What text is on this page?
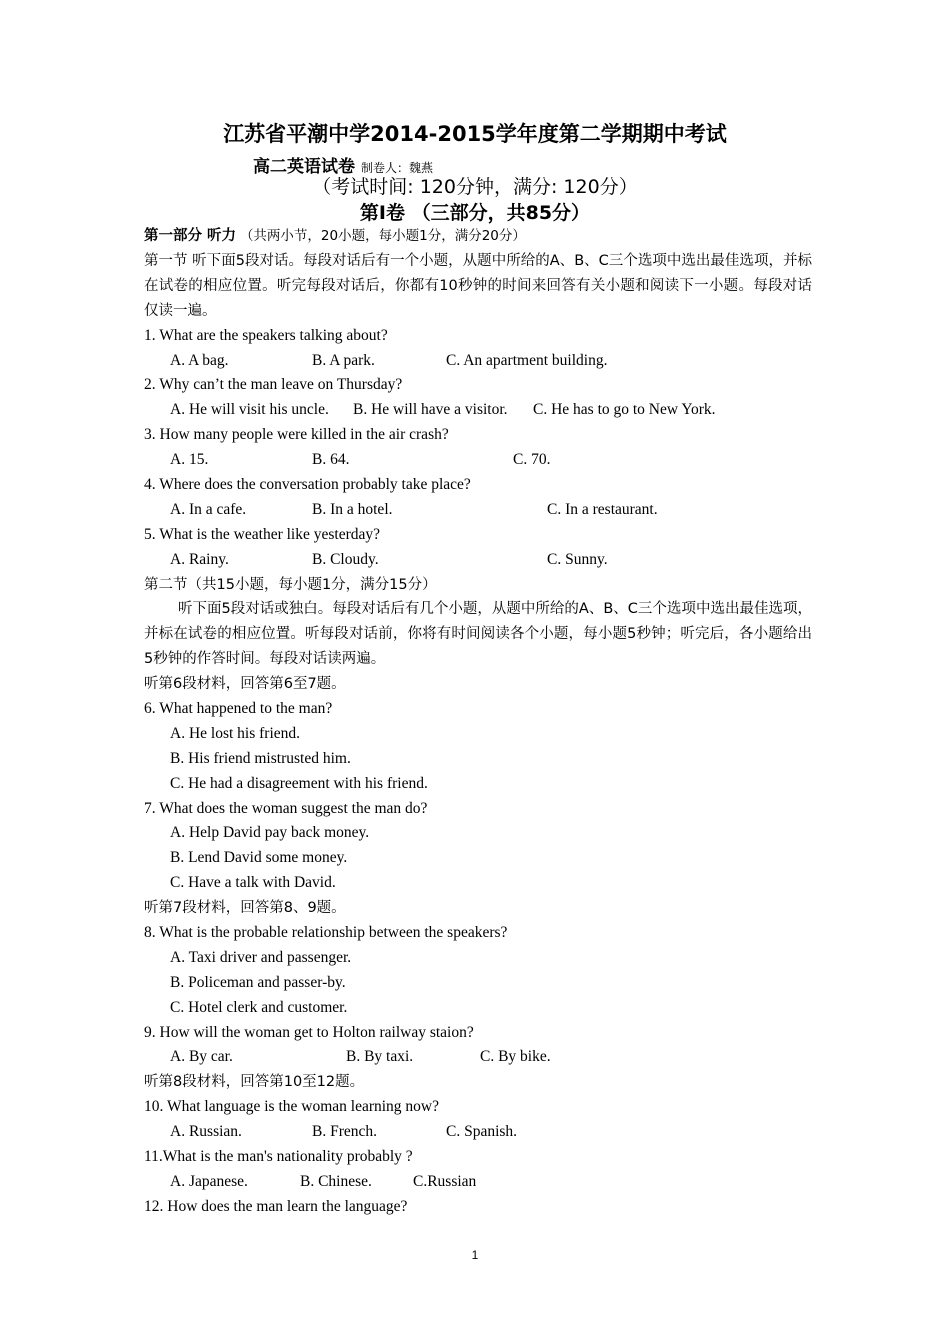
江苏省平潮中学2014-2015学年度第二学期期中考试
高二英语试卷 制卷人：魏燕
（考试时间: 120分钟，满分: 120分）
第I卷 （三部分，共85分）
第一部分 听力 （共两小节，20小题，每小题1分，满分20分）
第一节 听下面5段对话。每段对话后有一个小题，从题中所给的A、B、C三个选项中选出最佳选项，并标在试卷的相应位置。听完每段对话后，你都有10秒钟的时间来回答有关小题和阅读下一小题。每段对话仅读一遍。
1. What are the speakers talking about?
A. A bag.	B. A park.	C. An apartment building.
2. Why can’t the man leave on Thursday?
A. He will visit his uncle. B. He will have a visitor. C. He has to go to New York.
3. How many people were killed in the air crash?
A. 15.	B. 64.	C. 70.
4. Where does the conversation probably take place?
A. In a cafe.	B. In a hotel.	C. In a restaurant.
5. What is the weather like yesterday?
A. Rainy.	B. Cloudy.	C. Sunny.
第二节（共15小题，每小题1分，满分15分）
听下面5段对话或独白。每段对话后有几个小题，从题中所给的A、B、C三个选项中选出最佳选项，并标在试卷的相应位置。听每段对话前，你将有时间阅读各个小题，每小题5秒钟；听完后，各小题给出5秒钟的作答时间。每段对话读两遍。
听第6段材料，回答第6至7题。
6. What happened to the man?
A. He lost his friend.
B. His friend mistrusted him.
C. He had a disagreement with his friend.
7. What does the woman suggest the man do?
A. Help David pay back money.
B. Lend David some money.
C. Have a talk with David.
听第7段材料，回答第8、9题。
8. What is the probable relationship between the speakers?
A. Taxi driver and passenger.
B. Policeman and passer-by.
C. Hotel clerk and customer.
9. How will the woman get to Holton railway staion?
A. By car.	B. By taxi.	C. By bike.
听第8段材料，回答第10至12题。
10. What language is the woman learning now?
A. Russian.	B. French.	C. Spanish.
11.What is the man's nationality probably ?
A. Japanese.	B. Chinese.	C.Russian
12. How does the man learn the language?
1
